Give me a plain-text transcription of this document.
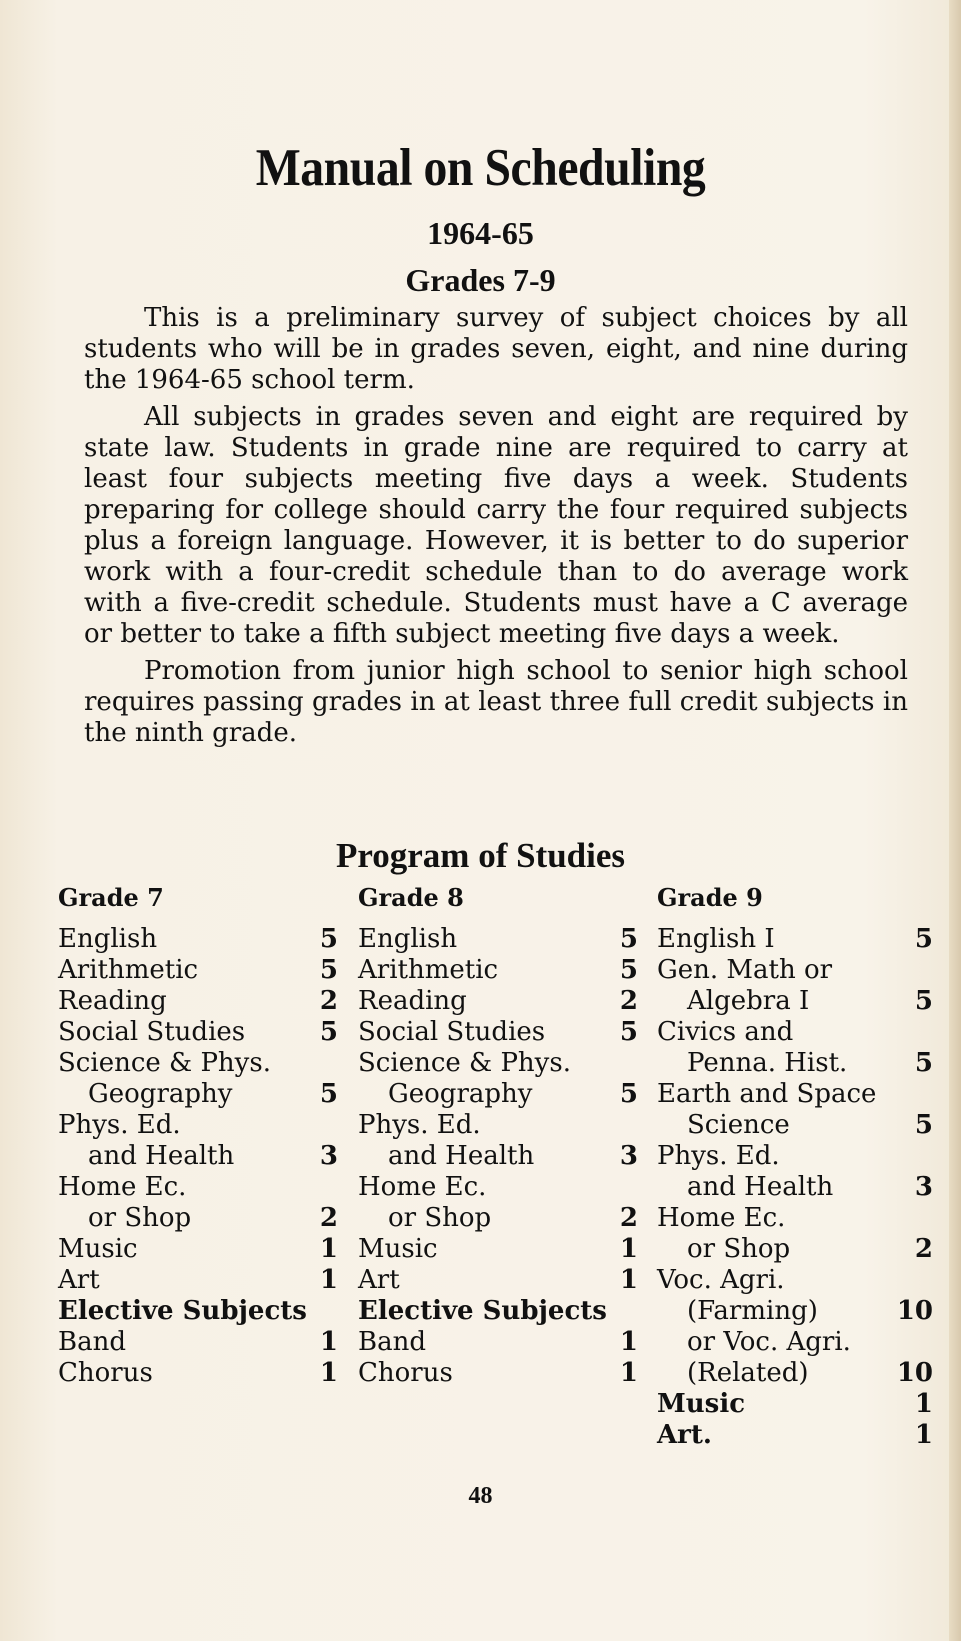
Manual on Scheduling
1964-65
Grades 7-9

This is a preliminary survey of subject choices by all students who will be in grades seven, eight, and nine during the 1964-65 school term.

All subjects in grades seven and eight are required by state law. Students in grade nine are required to carry at least four subjects meeting five days a week. Students preparing for college should carry the four required subjects plus a foreign language. However, it is better to do superior work with a four-credit schedule than to do average work with a five-credit schedule. Students must have a C average or better to take a fifth subject meeting five days a week.

Promotion from junior high school to senior high school requires passing grades in at least three full credit subjects in the ninth grade.

Program of Studies
Grade 7
English	5
Arithmetic	5
Reading	2
Social Studies	5
Science & Phys.
Geography	5
Phys. Ed.
and Health	3
Home Ec.
or Shop	2
Music	1
Art	1
Elective Subjects
Band	1
Chorus	1
Grade 8
English	5
Arithmetic	5
Reading	2
Social Studies	5
Science & Phys.
Geography	5
Phys. Ed.
and Health	3
Home Ec.
or Shop	2
Music	1
Art	1
Elective Subjects
Band	1
Chorus	1
Grade 9
English I	5
Gen. Math or
Algebra I	5
Civics and
Penna. Hist.	5
Earth and Space
Science	5
Phys. Ed.
and Health	3
Home Ec.
or Shop	2
Voc. Agri.
(Farming)	10
or Voc. Agri.
(Related)	10
Music	1
Art.	1
48
